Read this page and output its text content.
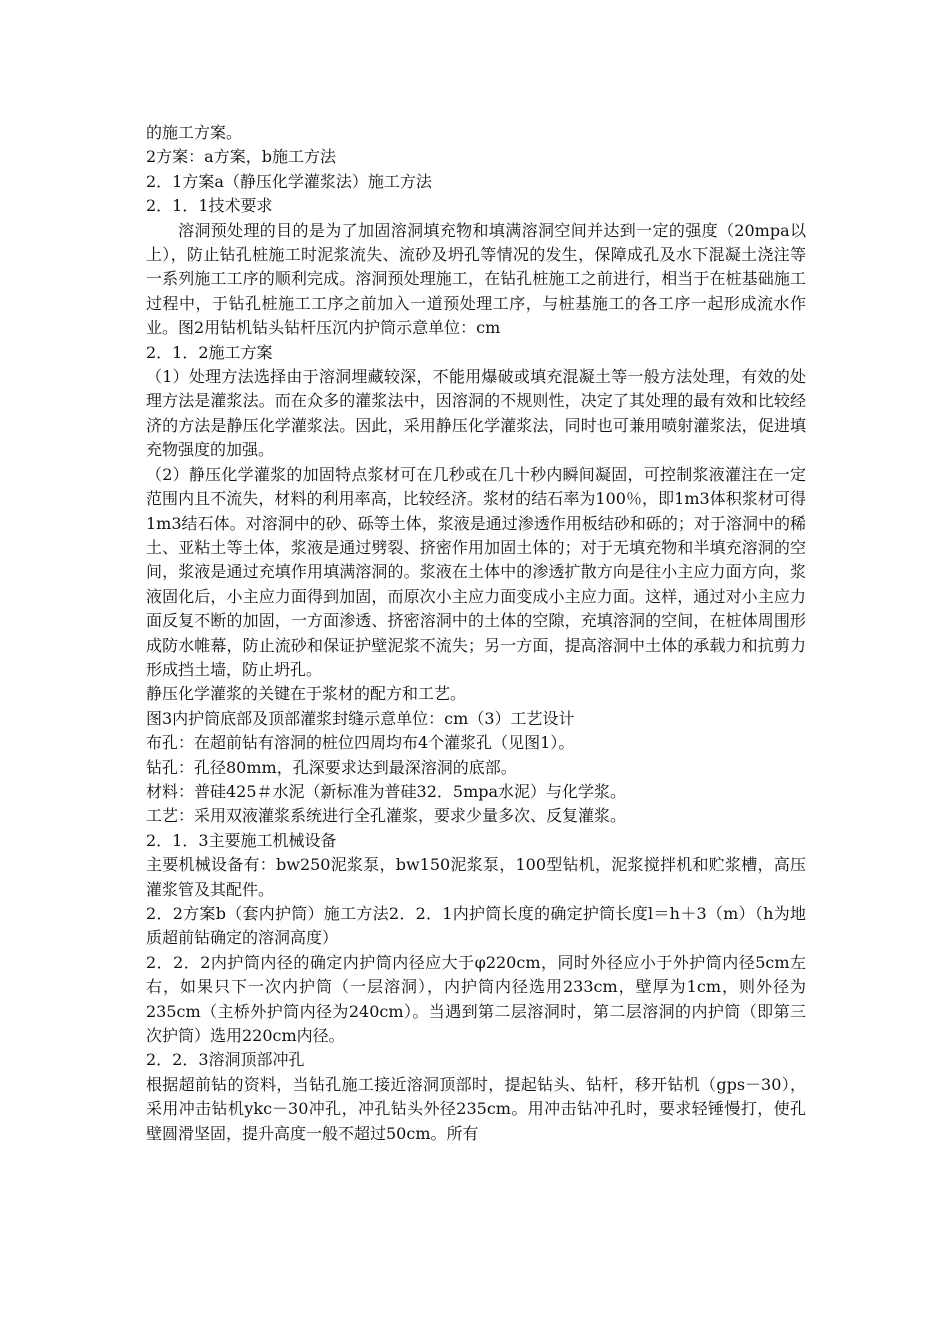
的施工方案。

2方案：a方案，b施工方法

2．1方案a（静压化学灌浆法）施工方法

2．1．1技术要求

溶洞预处理的目的是为了加固溶洞填充物和填满溶洞空间并达到一定的强度（20mpa以上），防止钻孔桩施工时泥浆流失、流砂及坍孔等情况的发生，保障成孔及水下混凝土浇注等一系列施工工序的顺利完成。溶洞预处理施工，在钻孔桩施工之前进行，相当于在桩基础施工过程中，于钻孔桩施工工序之前加入一道预处理工序，与桩基施工的各工序一起形成流水作业。图2用钻机钻头钻杆压沉内护筒示意单位：cm

2．1．2施工方案

（1）处理方法选择由于溶洞埋藏较深，不能用爆破或填充混凝土等一般方法处理，有效的处理方法是灌浆法。而在众多的灌浆法中，因溶洞的不规则性，决定了其处理的最有效和比较经济的方法是静压化学灌浆法。因此，采用静压化学灌浆法，同时也可兼用喷射灌浆法，促进填充物强度的加强。

（2）静压化学灌浆的加固特点浆材可在几秒或在几十秒内瞬间凝固，可控制浆液灌注在一定范围内且不流失，材料的利用率高，比较经济。浆材的结石率为100％，即1m3体积浆材可得1m3结石体。对溶洞中的砂、砾等土体，浆液是通过渗透作用板结砂和砾的；对于溶洞中的稀土、亚粘土等土体，浆液是通过劈裂、挤密作用加固土体的；对于无填充物和半填充溶洞的空间，浆液是通过充填作用填满溶洞的。浆液在土体中的渗透扩散方向是往小主应力面方向，浆液固化后，小主应力面得到加固，而原次小主应力面变成小主应力面。这样，通过对小主应力面反复不断的加固，一方面渗透、挤密溶洞中的土体的空隙，充填溶洞的空间，在桩体周围形成防水帷幕，防止流砂和保证护壁泥浆不流失；另一方面，提高溶洞中土体的承载力和抗剪力形成挡土墙，防止坍孔。

静压化学灌浆的关键在于浆材的配方和工艺。

图3内护筒底部及顶部灌浆封缝示意单位：cm（3）工艺设计

布孔：在超前钻有溶洞的桩位四周均布4个灌浆孔（见图1）。

钻孔：孔径80mm，孔深要求达到最深溶洞的底部。

材料：普硅425＃水泥（新标准为普硅32．5mpa水泥）与化学浆。

工艺：采用双液灌浆系统进行全孔灌浆，要求少量多次、反复灌浆。

2．1．3主要施工机械设备

主要机械设备有：bw250泥浆泵，bw150泥浆泵，100型钻机，泥浆搅拌机和贮浆槽，高压灌浆管及其配件。

2．2方案b（套内护筒）施工方法2．2．1内护筒长度的确定护筒长度l＝h＋3（m）（h为地质超前钻确定的溶洞高度）

2．2．2内护筒内径的确定内护筒内径应大于φ220cm，同时外径应小于外护筒内径5cm左右，如果只下一次内护筒（一层溶洞），内护筒内径选用233cm，壁厚为1cm，则外径为235cm（主桥外护筒内径为240cm）。当遇到第二层溶洞时，第二层溶洞的内护筒（即第三次护筒）选用220cm内径。

2．2．3溶洞顶部冲孔

根据超前钻的资料，当钻孔施工接近溶洞顶部时，提起钻头、钻杆，移开钻机（gps－30），采用冲击钻机ykc－30冲孔，冲孔钻头外径235cm。用冲击钻冲孔时，要求轻锤慢打，使孔壁圆滑坚固，提升高度一般不超过50cm。所有
